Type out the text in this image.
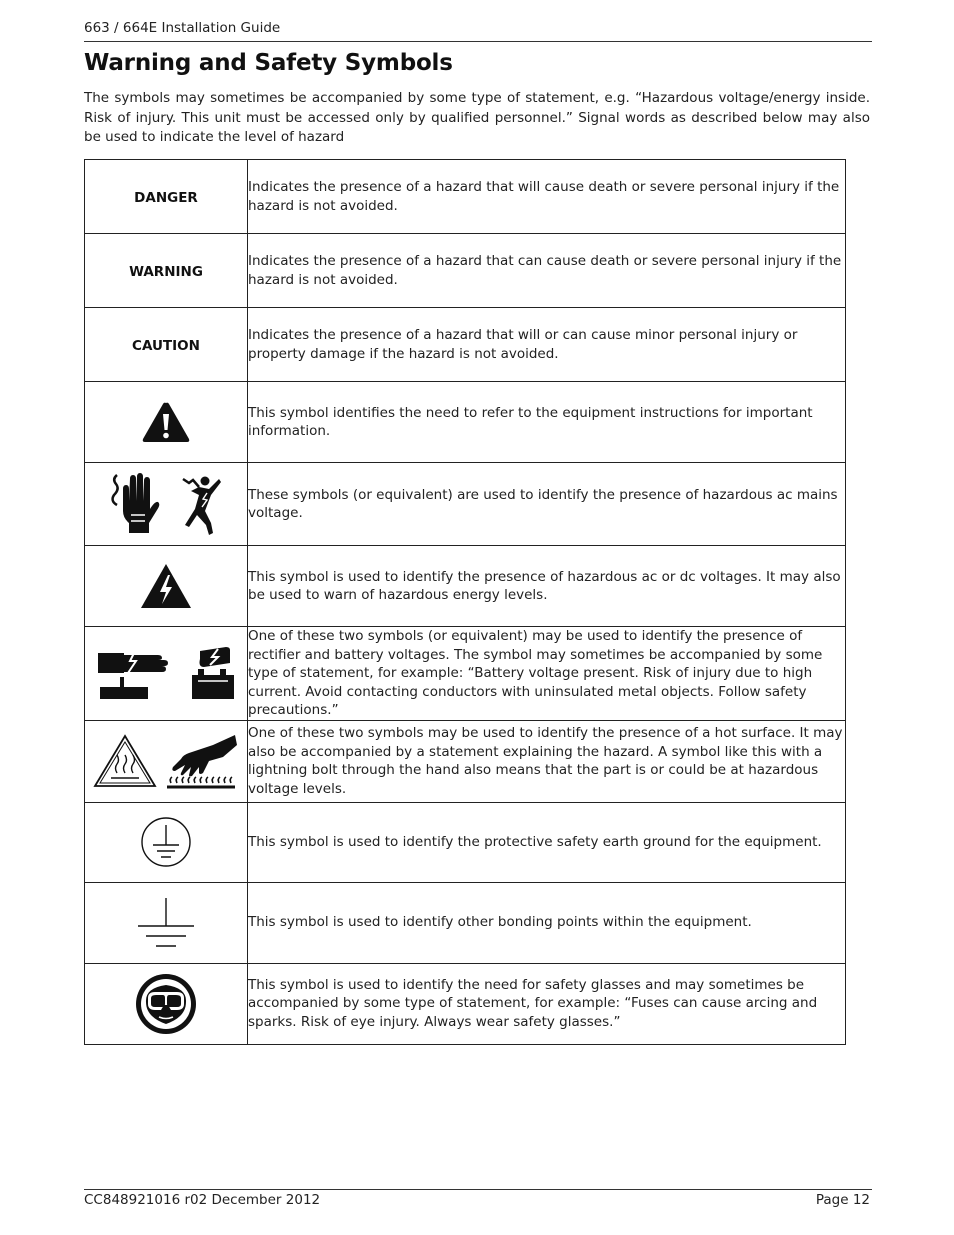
663 / 664E Installation Guide
Warning and Safety Symbols
The symbols may sometimes be accompanied by some type of statement, e.g. “Hazardous voltage/energy inside. Risk of injury. This unit must be accessed only by qualified personnel.” Signal words as described below may also be used to indicate the level of hazard
DANGER	Indicates the presence of a hazard that will cause death or severe personal injury if the hazard is not avoided.
WARNING	Indicates the presence of a hazard that can cause death or severe personal injury if the hazard is not avoided.
CAUTION	Indicates the presence of a hazard that will or can cause minor personal injury or property damage if the hazard is not avoided.
	This symbol identifies the need to refer to the equipment instructions for important information.
	These symbols (or equivalent) are used to identify the presence of hazardous ac mains voltage.
	This symbol is used to identify the presence of hazardous ac or dc voltages. It may also be used to warn of hazardous energy levels.
	One of these two symbols (or equivalent) may be used to identify the presence of rectifier and battery voltages. The symbol may sometimes be accompanied by some type of statement, for example: “Battery voltage present. Risk of injury due to high current. Avoid contacting conductors with uninsulated metal objects. Follow safety precautions.”
	One of these two symbols may be used to identify the presence of a hot surface. It may also be accompanied by a statement explaining the hazard. A symbol like this with a lightning bolt through the hand also means that the part is or could be at hazardous voltage levels.
	This symbol is used to identify the protective safety earth ground for the equipment.
	This symbol is used to identify other bonding points within the equipment.
	This symbol is used to identify the need for safety glasses and may sometimes be accompanied by some type of statement, for example: “Fuses can cause arcing and sparks. Risk of eye injury. Always wear safety glasses.”
CC848921016 r02 December 2012	Page 12
